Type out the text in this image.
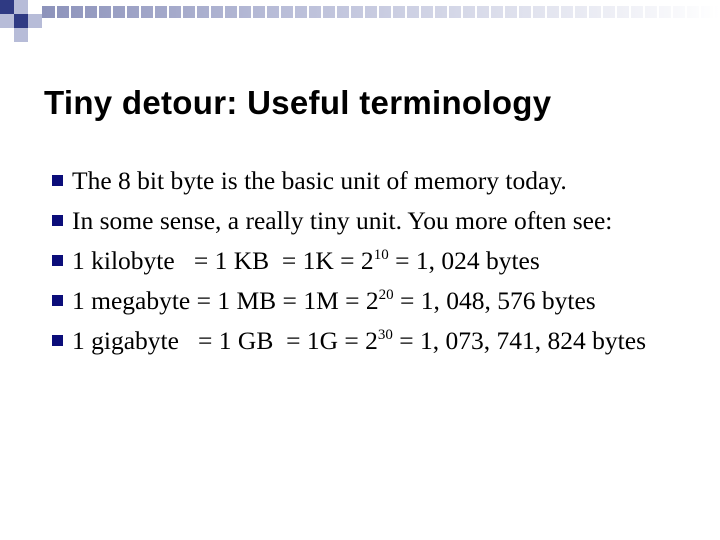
Tiny detour: Useful terminology
The 8 bit byte is the basic unit of memory today.
In some sense, a really tiny unit. You more often see:
1 kilobyte   = 1 KB  = $1K = 2^{10} = 1$, 024 bytes
1 megabyte = 1 MB = $1M = 2^{20} = 1$, 048, 576 bytes
1 gigabyte   = 1 GB  = $1G = 2^{30} = 1$, 073, 741, 824 bytes
